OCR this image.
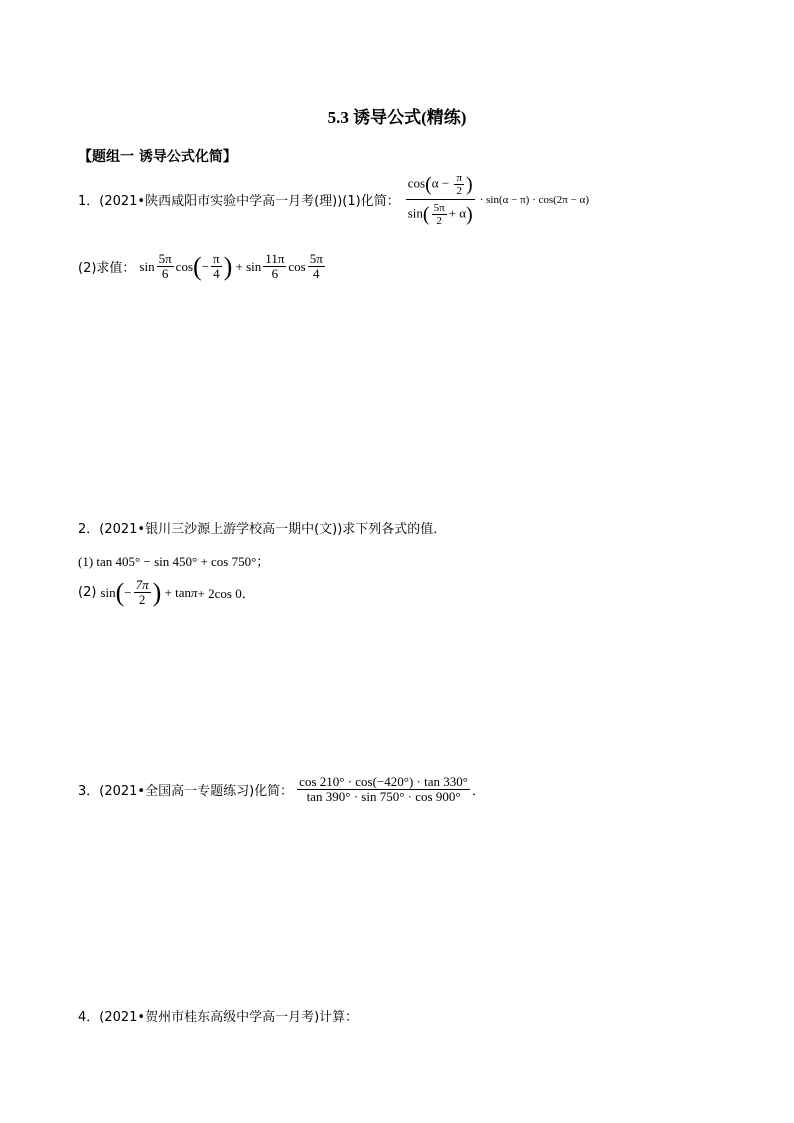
5.3 诱导公式(精练)
【题组一 诱导公式化简】
1．(2021•陕西咸阳市实验中学高一月考(理))(1)化简： $\frac{\cos(\alpha - \frac{\pi}{2} )}{\sin( \frac{5\pi}{2} + \alpha)} \cdot \sin(\alpha - \pi) \cdot \cos(2\pi - \alpha)$
(2)求值： $\sin \frac{5\pi}{6}$ cos ( − $\frac{\pi}{4}$ ) + $\sin \frac{11\pi}{6}$ $\cos \frac{5\pi}{4}$
2．(2021•银川三沙源上游学校高一期中(文))求下列各式的值．
(1) tan 405° − sin 450° + cos 750°；
(2) sin ( − $\frac{7\pi}{2}$ ) + tan π + 2cos 0．
3．(2021•全国高一专题练习)化简： $\frac{\cos 210^\circ \cdot \cos(-420^\circ) \cdot \tan 330^\circ}{\tan 390^\circ \cdot \sin 750^\circ \cdot \cos 900^\circ}$ ．
4．(2021•贺州市桂东高级中学高一月考)计算：
